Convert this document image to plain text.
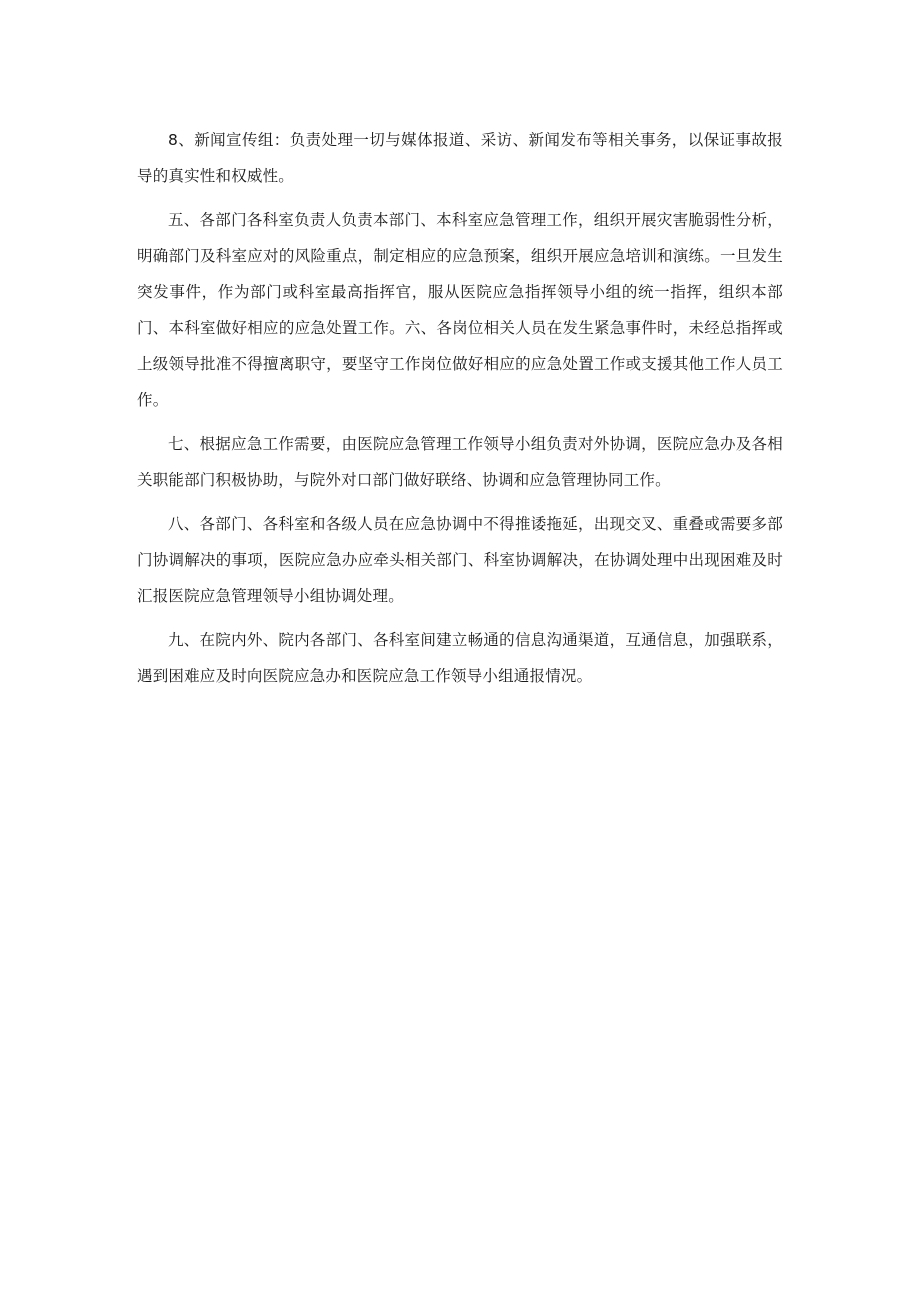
8、新闻宣传组：负责处理一切与媒体报道、采访、新闻发布等相关事务，以保证事故报导的真实性和权威性。

五、各部门各科室负责人负责本部门、本科室应急管理工作，组织开展灾害脆弱性分析，明确部门及科室应对的风险重点，制定相应的应急预案，组织开展应急培训和演练。一旦发生突发事件，作为部门或科室最高指挥官，服从医院应急指挥领导小组的统一指挥，组织本部门、本科室做好相应的应急处置工作。六、各岗位相关人员在发生紧急事件时，未经总指挥或上级领导批准不得擅离职守，要坚守工作岗位做好相应的应急处置工作或支援其他工作人员工作。

七、根据应急工作需要，由医院应急管理工作领导小组负责对外协调，医院应急办及各相关职能部门积极协助，与院外对口部门做好联络、协调和应急管理协同工作。

八、各部门、各科室和各级人员在应急协调中不得推诿拖延，出现交叉、重叠或需要多部门协调解决的事项，医院应急办应牵头相关部门、科室协调解决，在协调处理中出现困难及时汇报医院应急管理领导小组协调处理。

九、在院内外、院内各部门、各科室间建立畅通的信息沟通渠道，互通信息，加强联系，遇到困难应及时向医院应急办和医院应急工作领导小组通报情况。
